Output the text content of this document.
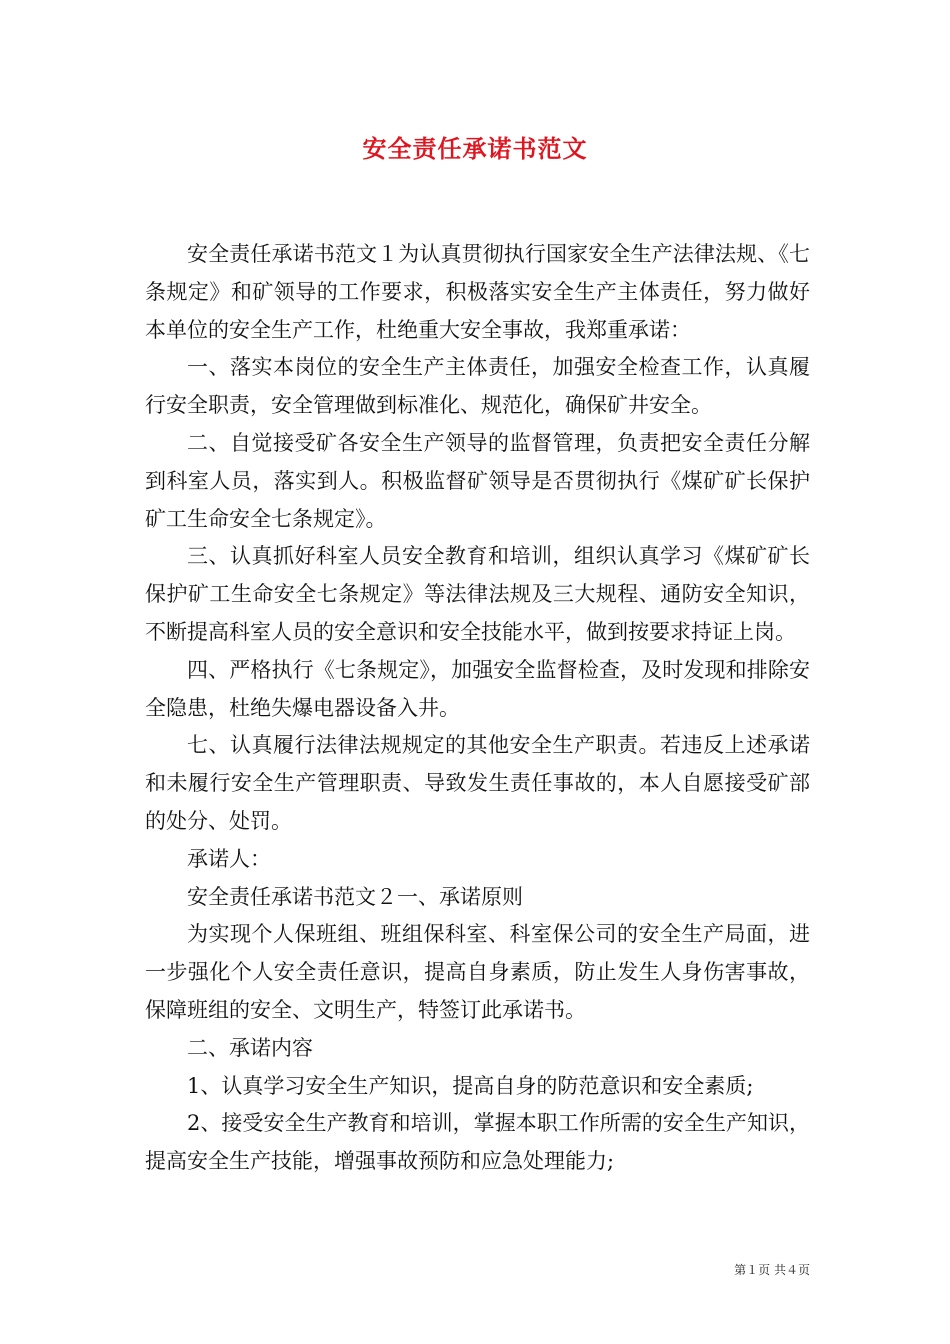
安全责任承诺书范文

安全责任承诺书范文１为认真贯彻执行国家安全生产法律法规、《七条规定》和矿领导的工作要求，积极落实安全生产主体责任，努力做好本单位的安全生产工作，杜绝重大安全事故，我郑重承诺：

一、落实本岗位的安全生产主体责任，加强安全检查工作，认真履行安全职责，安全管理做到标准化、规范化，确保矿井安全。

二、自觉接受矿各安全生产领导的监督管理，负责把安全责任分解到科室人员，落实到人。积极监督矿领导是否贯彻执行《煤矿矿长保护矿工生命安全七条规定》。

三、认真抓好科室人员安全教育和培训，组织认真学习《煤矿矿长保护矿工生命安全七条规定》等法律法规及三大规程、通防安全知识，不断提高科室人员的安全意识和安全技能水平，做到按要求持证上岗。

四、严格执行《七条规定》，加强安全监督检查，及时发现和排除安全隐患，杜绝失爆电器设备入井。

七、认真履行法律法规规定的其他安全生产职责。若违反上述承诺和未履行安全生产管理职责、导致发生责任事故的，本人自愿接受矿部的处分、处罚。

承诺人：

安全责任承诺书范文２一、承诺原则

为实现个人保班组、班组保科室、科室保公司的安全生产局面，进一步强化个人安全责任意识，提高自身素质，防止发生人身伤害事故，保障班组的安全、文明生产，特签订此承诺书。

二、承诺内容

1、认真学习安全生产知识，提高自身的防范意识和安全素质;

2、接受安全生产教育和培训，掌握本职工作所需的安全生产知识，提高安全生产技能，增强事故预防和应急处理能力;

第１页 共４页
